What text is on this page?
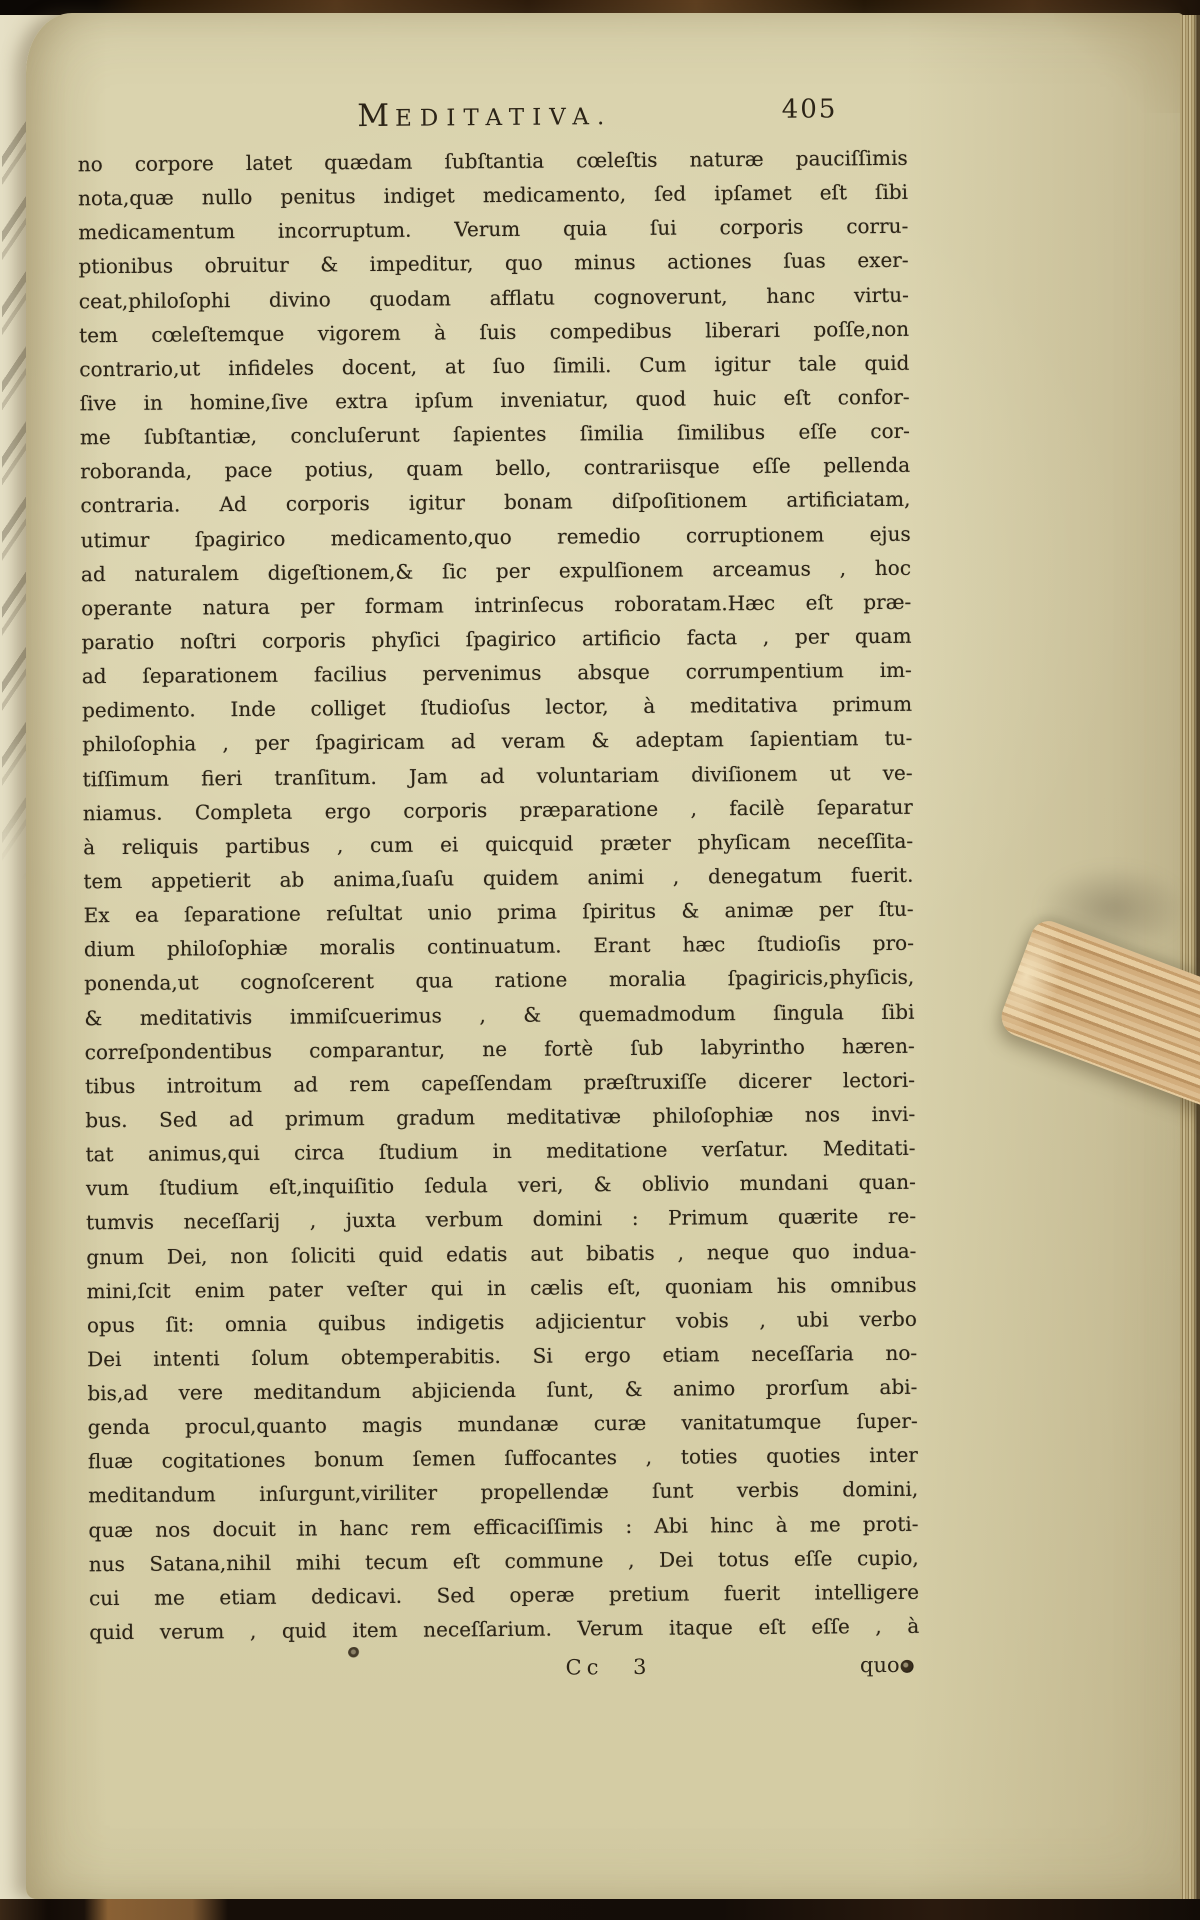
MEDITATIVA.	405
no corpore latet quædam ſubſtantia cœleſtis naturæ pauciſſimis
nota,quæ nullo penitus indiget medicamento, ſed ipſamet eſt ſibi
medicamentum incorruptum. Verum quia ſui corporis corru-
ptionibus obruitur & impeditur, quo minus actiones ſuas exer-
ceat,philoſophi divino quodam afflatu cognoverunt, hanc virtu-
tem cœleſtemque vigorem à ſuis compedibus liberari poſſe,non
contrario,ut infideles docent, at ſuo ſimili. Cum igitur tale quid
ſive in homine,ſive extra ipſum inveniatur, quod huic eſt confor-
me ſubſtantiæ, concluſerunt ſapientes ſimilia ſimilibus eſſe cor-
roboranda, pace potius, quam bello, contrariisque eſſe pellenda
contraria. Ad corporis igitur bonam diſpoſitionem artificiatam,
utimur ſpagirico medicamento,quo remedio corruptionem ejus
ad naturalem digeſtionem,& ſic per expulſionem arceamus , hoc
operante natura per formam intrinſecus roboratam.Hæc eſt præ-
paratio noſtri corporis phyſici ſpagirico artificio facta , per quam
ad ſeparationem facilius pervenimus absque corrumpentium im-
pedimento. Inde colliget ſtudioſus lector, à meditativa primum
philoſophia , per ſpagiricam ad veram & adeptam ſapientiam tu-
tiſſimum fieri tranſitum. Jam ad voluntariam diviſionem ut ve-
niamus. Completa ergo corporis præparatione , facilè ſeparatur
à reliquis partibus , cum ei quicquid præter phyſicam neceſſita-
tem appetierit ab anima,ſuaſu quidem animi , denegatum fuerit.
Ex ea ſeparatione reſultat unio prima ſpiritus & animæ per ſtu-
dium philoſophiæ moralis continuatum. Erant hæc ſtudioſis pro-
ponenda,ut cognoſcerent qua ratione moralia ſpagiricis,phyſicis,
& meditativis immiſcuerimus , & quemadmodum ſingula ſibi
correſpondentibus comparantur, ne fortè ſub labyrintho hæren-
tibus introitum ad rem capeſſendam præſtruxiſſe dicerer lectori-
bus. Sed ad primum gradum meditativæ philoſophiæ nos invi-
tat animus,qui circa ſtudium in meditatione verſatur. Meditati-
vum ſtudium eſt,inquiſitio ſedula veri, & oblivio mundani quan-
tumvis neceſſarij , juxta verbum domini : Primum quærite re-
gnum Dei, non ſoliciti quid edatis aut bibatis , neque quo indua-
mini,ſcit enim pater veſter qui in cælis eſt, quoniam his omnibus
opus ſit: omnia quibus indigetis adjicientur vobis , ubi verbo
Dei intenti ſolum obtemperabitis. Si ergo etiam neceſſaria no-
bis,ad vere meditandum abjicienda ſunt, & animo prorſum abi-
genda procul,quanto magis mundanæ curæ vanitatumque ſuper-
fluæ cogitationes bonum ſemen ſuffocantes , toties quoties inter
meditandum inſurgunt,viriliter propellendæ ſunt verbis domini,
quæ nos docuit in hanc rem efficaciſſimis : Abi hinc à me proti-
nus Satana,nihil mihi tecum eſt commune , Dei totus eſſe cupio,
cui me etiam dedicavi. Sed operæ pretium fuerit intelligere
quid verum , quid item neceſſarium. Verum itaque eſt eſſe , à
Cc 3	quo
